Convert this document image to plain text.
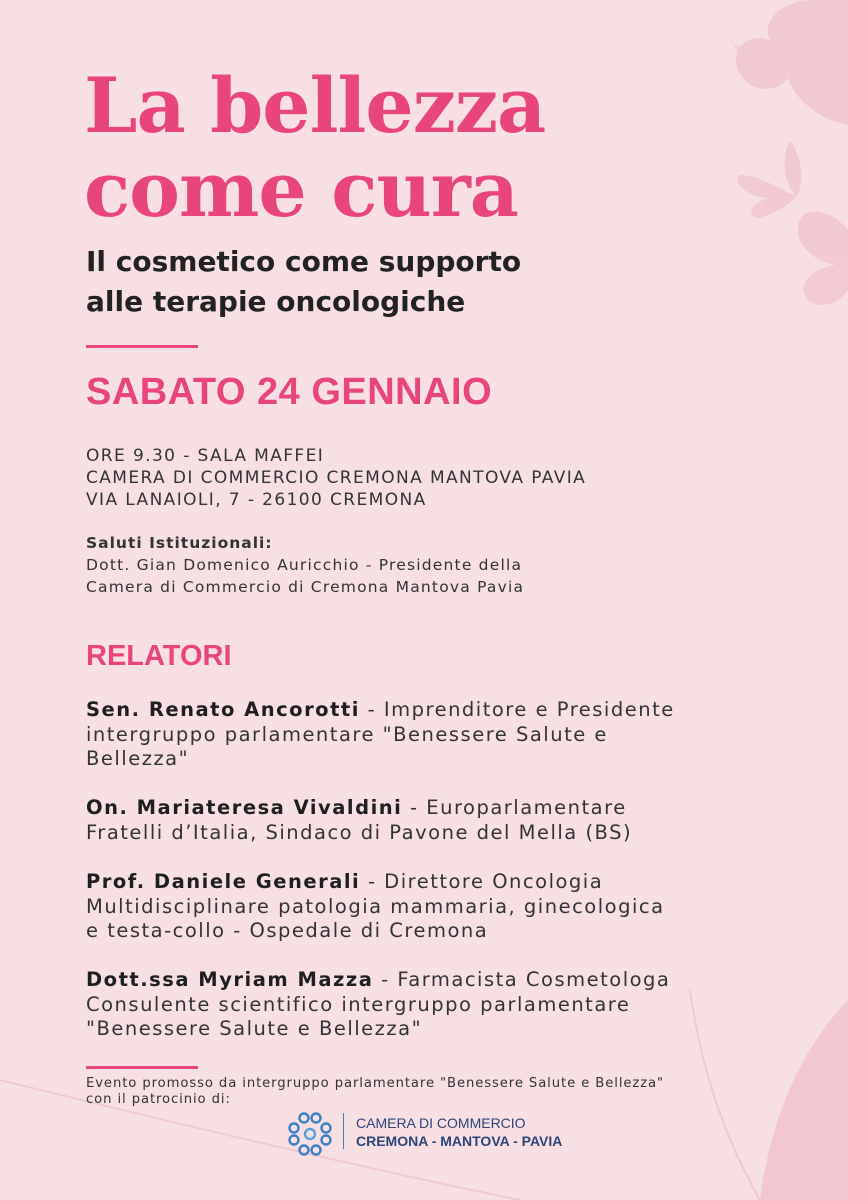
La bellezza
come cura
Il cosmetico come supporto
alle terapie oncologiche
SABATO 24 GENNAIO

ORE 9.30 - SALA MAFFEI
CAMERA DI COMMERCIO CREMONA MANTOVA PAVIA
VIA LANAIOLI, 7 - 26100 CREMONA

Saluti Istituzionali:
Dott. Gian Domenico Auricchio - Presidente della
Camera di Commercio di Cremona Mantova Pavia

RELATORI

Sen. Renato Ancorotti - Imprenditore e Presidente
intergruppo parlamentare "Benessere Salute e
Bellezza"

On. Mariateresa Vivaldini - Europarlamentare
Fratelli d’Italia, Sindaco di Pavone del Mella (BS)

Prof. Daniele Generali - Direttore Oncologia
Multidisciplinare patologia mammaria, ginecologica
e testa-collo - Ospedale di Cremona

Dott.ssa Myriam Mazza - Farmacista Cosmetologa
Consulente scientifico intergruppo parlamentare
"Benessere Salute e Bellezza"

Evento promosso da intergruppo parlamentare "Benessere Salute e Bellezza"
con il patrocinio di:

CAMERA DI COMMERCIO
CREMONA - MANTOVA - PAVIA
